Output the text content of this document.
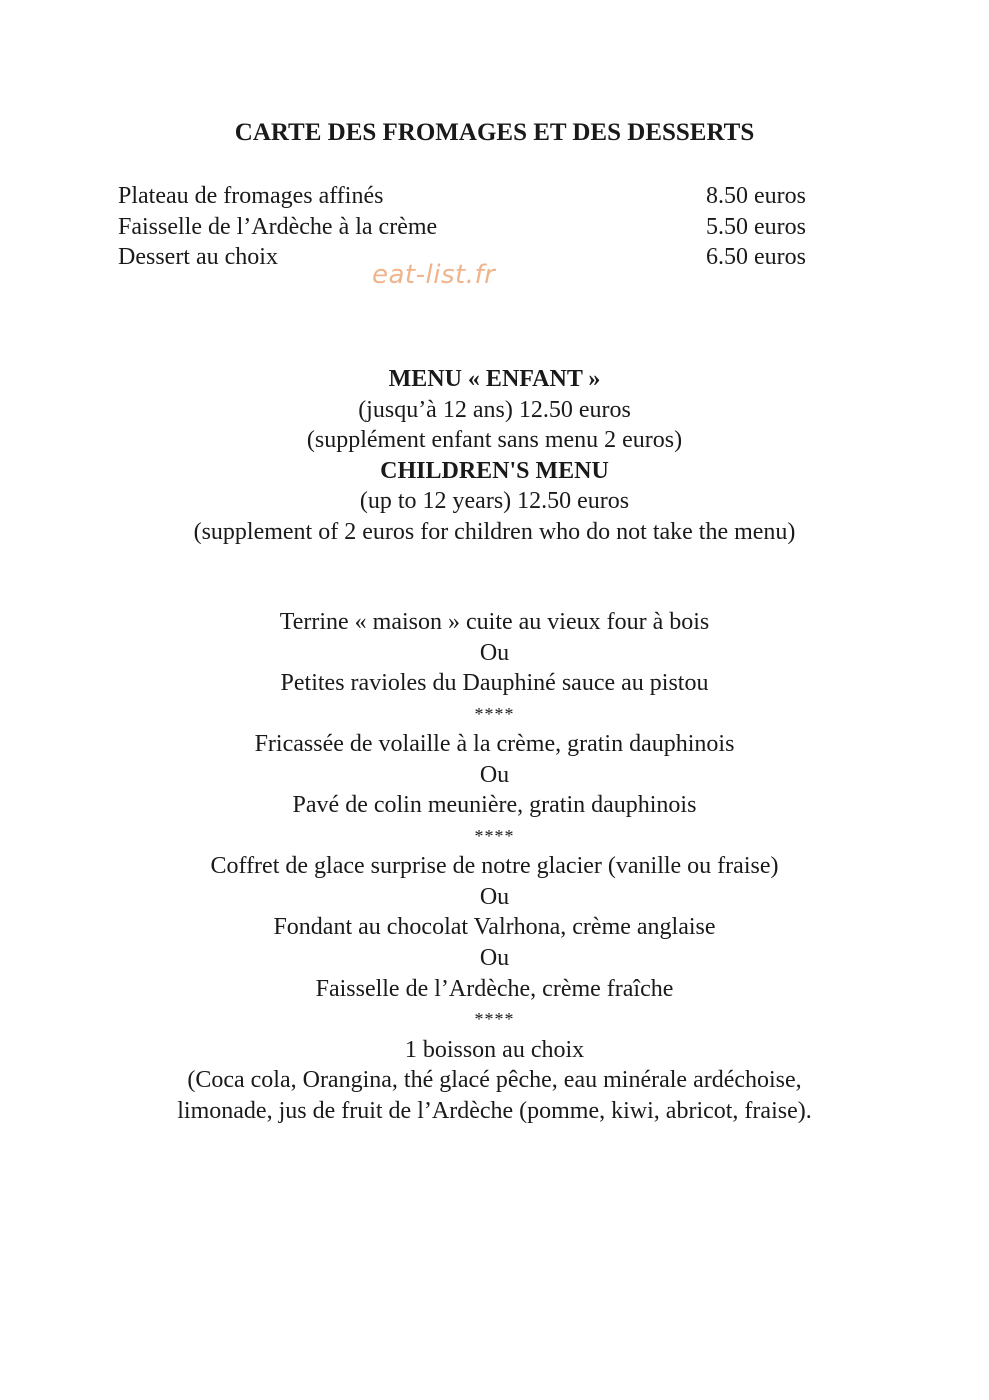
CARTE DES FROMAGES ET DES DESSERTS
Plateau de fromages affinés	8.50 euros
Faisselle de l’Ardèche à la crème	5.50 euros
Dessert au choix	6.50 euros
eat-list.fr
MENU « ENFANT »
(jusqu’à 12 ans) 12.50 euros
(supplément enfant sans menu 2 euros)
CHILDREN'S MENU
(up to 12 years) 12.50 euros
(supplement of 2 euros for children who do not take the menu)
Terrine « maison » cuite au vieux four à bois
Ou
Petites ravioles du Dauphiné sauce au pistou
****
Fricassée de volaille à la crème, gratin dauphinois
Ou
Pavé de colin meunière, gratin dauphinois
****
Coffret de glace surprise de notre glacier (vanille ou fraise)
Ou
Fondant au chocolat Valrhona, crème anglaise
Ou
Faisselle de l’Ardèche, crème fraîche
****
1 boisson au choix
(Coca cola, Orangina, thé glacé pêche, eau minérale ardéchoise,
limonade, jus de fruit de l’Ardèche (pomme, kiwi, abricot, fraise).
